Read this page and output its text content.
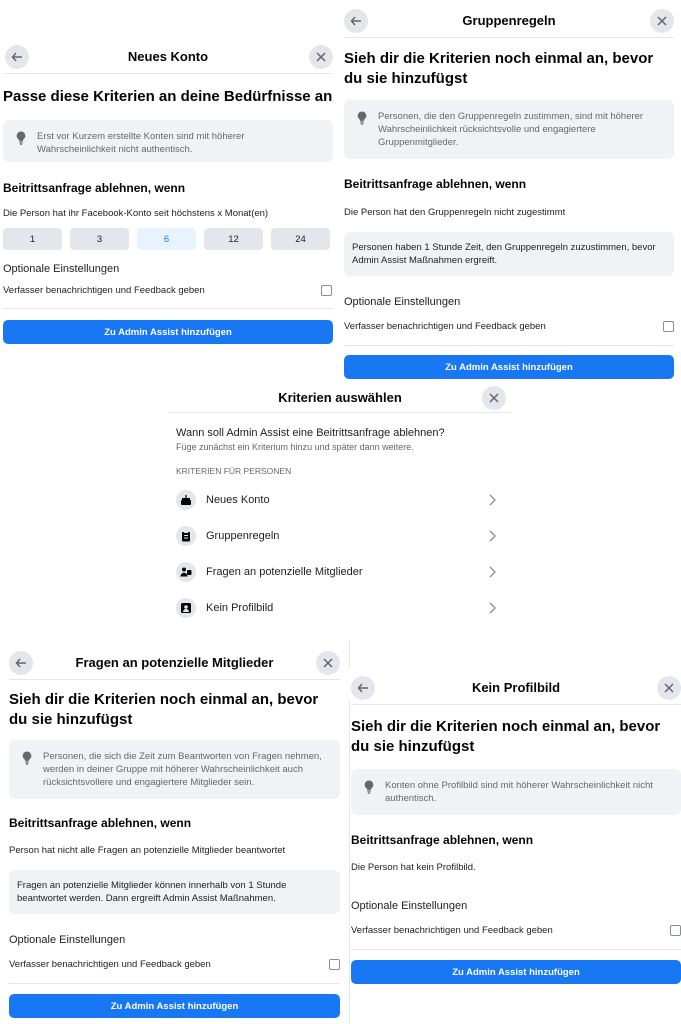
Neues Konto
Passe diese Kriterien an deine Bedürfnisse an
Erst vor Kurzem erstellte Konten sind mit höherer Wahrscheinlichkeit nicht authentisch.
Beitrittsanfrage ablehnen, wenn
Die Person hat ihr Facebook-Konto seit höchstens x Monat(en)
1	3	6	12	24
Optionale Einstellungen
Verfasser benachrichtigen und Feedback geben
Zu Admin Assist hinzufügen
Gruppenregeln
Sieh dir die Kriterien noch einmal an, bevor du sie hinzufügst
Personen, die den Gruppenregeln zustimmen, sind mit höherer Wahrscheinlichkeit rücksichtsvolle und engagiertere Gruppenmitglieder.
Beitrittsanfrage ablehnen, wenn
Die Person hat den Gruppenregeln nicht zugestimmt
Personen haben 1 Stunde Zeit, den Gruppenregeln zuzustimmen, bevor Admin Assist Maßnahmen ergreift.
Optionale Einstellungen
Verfasser benachrichtigen und Feedback geben
Zu Admin Assist hinzufügen
Kriterien auswählen
Wann soll Admin Assist eine Beitrittsanfrage ablehnen?
Füge zunächst ein Kriterium hinzu und später dann weitere.
KRITERIEN FÜR PERSONEN
Neues Konto
Gruppenregeln
Fragen an potenzielle Mitglieder
Kein Profilbild
Fragen an potenzielle Mitglieder
Sieh dir die Kriterien noch einmal an, bevor du sie hinzufügst
Personen, die sich die Zeit zum Beantworten von Fragen nehmen, werden in deiner Gruppe mit höherer Wahrscheinlichkeit auch rücksichtsvollere und engagiertere Mitglieder sein.
Beitrittsanfrage ablehnen, wenn
Person hat nicht alle Fragen an potenzielle Mitglieder beantwortet
Fragen an potenzielle Mitglieder können innerhalb von 1 Stunde beantwortet werden. Dann ergreift Admin Assist Maßnahmen.
Optionale Einstellungen
Verfasser benachrichtigen und Feedback geben
Zu Admin Assist hinzufügen
Kein Profilbild
Sieh dir die Kriterien noch einmal an, bevor du sie hinzufügst
Konten ohne Profilbild sind mit höherer Wahrscheinlichkeit nicht authentisch.
Beitrittsanfrage ablehnen, wenn
Die Person hat kein Profilbild.
Optionale Einstellungen
Verfasser benachrichtigen und Feedback geben
Zu Admin Assist hinzufügen
